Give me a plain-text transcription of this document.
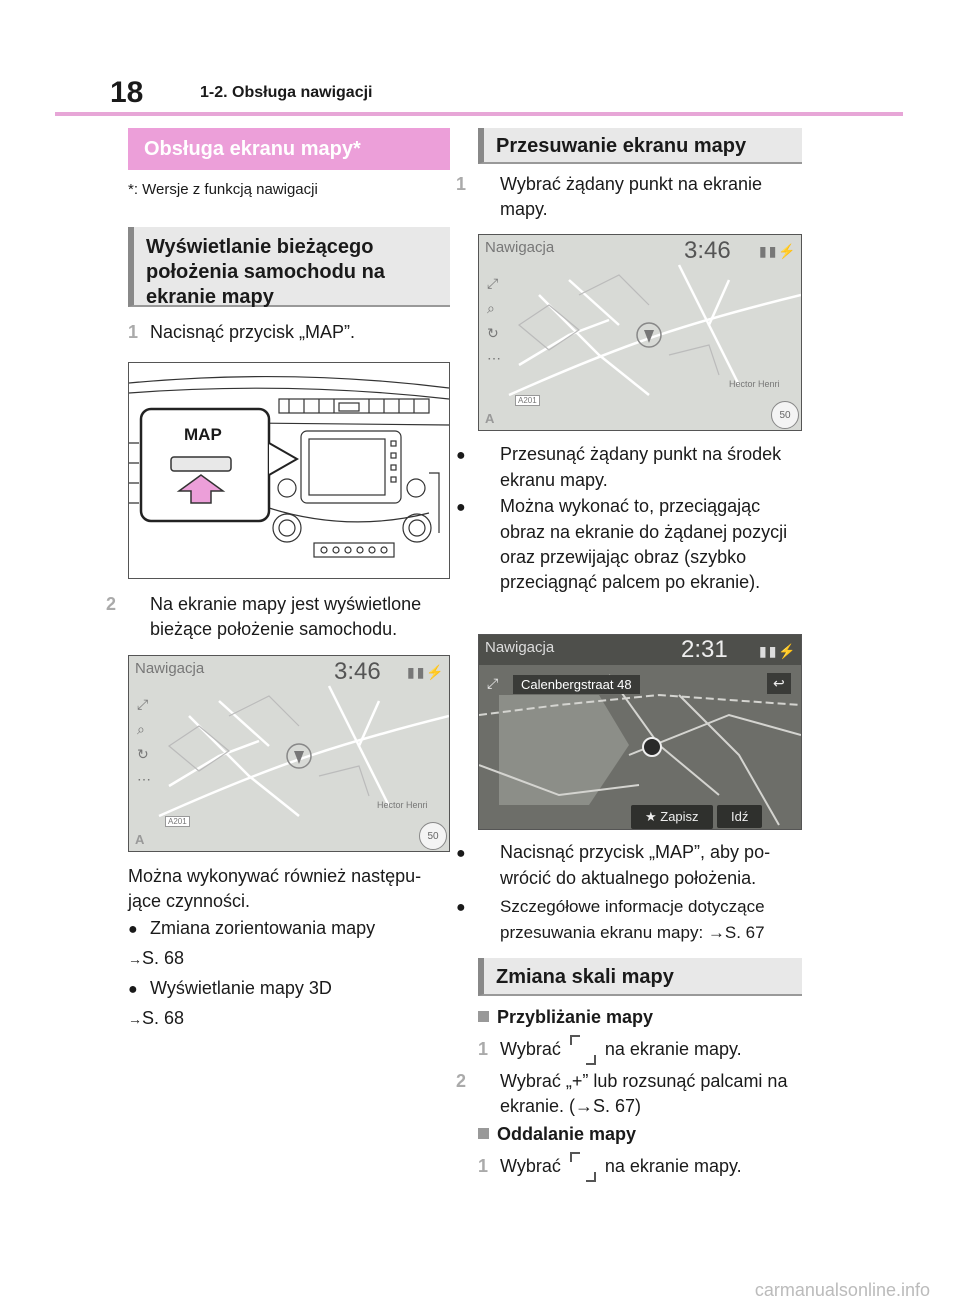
18	1-2. Obsługa nawigacji
Obsługa ekranu mapy*
*: Wersje z funkcją nawigacji
Wyświetlanie bieżącego położenia samochodu na ekranie mapy
1 Nacisnąć przycisk „MAP”.
MAP
2 Na ekranie mapy jest wyświetlone bieżące położenie samochodu.
Nawigacja	3:46 ▮▮⚡
⤢
⌕
↻
⋯
A
A201
Hector Henri
50
Można wykonywać również następu-jące czynności.
● Zmiana zorientowania mapy
→S. 68
● Wyświetlanie mapy 3D
→S. 68
Przesuwanie ekranu mapy
1 Wybrać żądany punkt na ekranie mapy.
Nawigacja	3:46 ▮▮⚡
⤢
⌕
↻
⋯
A
A201
Hector Henri
50
● Przesunąć żądany punkt na środek ekranu mapy.
● Można wykonać to, przeciągając obraz na ekranie do żądanej pozycji oraz przewijając obraz (szybko przeciągnąć palcem po ekranie).
Nawigacja	2:31 ▮▮⚡
Calenbergstraat 48
⤢	↩
★ Zapisz	Idź
● Nacisnąć przycisk „MAP”, aby po-wrócić do aktualnego położenia.
● Szczegółowe informacje dotyczące przesuwania ekranu mapy: →S. 67
Zmiana skali mapy
Przybliżanie mapy
1 Wybrać na ekranie mapy.
2 Wybrać „+” lub rozsunąć palcami na ekranie. (→S. 67)
Oddalanie mapy
1 Wybrać na ekranie mapy.
carmanualsonline.info
